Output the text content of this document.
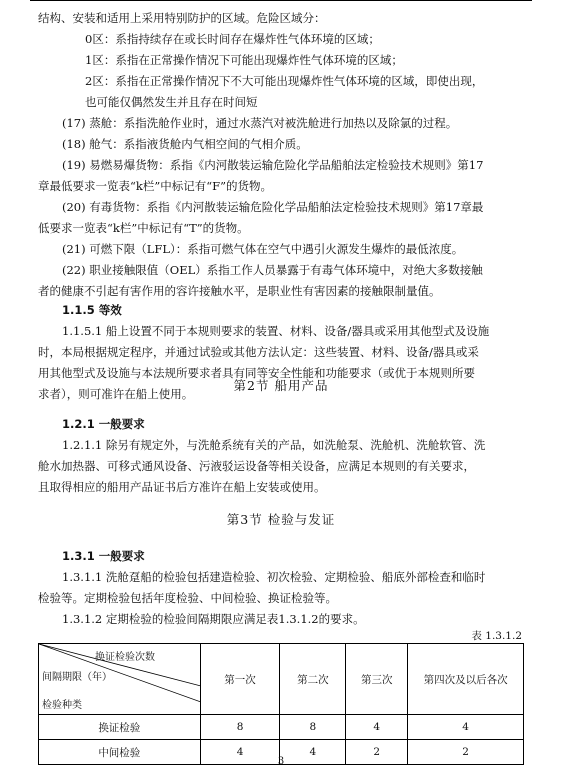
结构、安装和适用上采用特别防护的区域。危险区域分：
0区：系指持续存在或长时间存在爆炸性气体环境的区域；
1区：系指在正常操作情况下可能出现爆炸性气体环境的区域；
2区：系指在正常操作情况下不大可能出现爆炸性气体环境的区域，即使出现，
也可能仅偶然发生并且存在时间短
(17) 蒸舱：系指洗舱作业时，通过水蒸汽对被洗舱进行加热以及除氯的过程。
(18) 舱气：系指液货舱内气相空间的气相介质。
(19) 易燃易爆货物：系指《内河散装运输危险化学品船舶法定检验技术规则》第17
章最低要求一览表“k栏”中标记有“F”的货物。
(20) 有毒货物：系指《内河散装运输危险化学品船舶法定检验技术规则》第17章最
低要求一览表“k栏”中标记有“T”的货物。
(21) 可燃下限（LFL）：系指可燃气体在空气中遇引火源发生爆炸的最低浓度。
(22) 职业接触限值（OEL）系指工作人员暴露于有毒气体环境中，对绝大多数接触
者的健康不引起有害作用的容许接触水平，是职业性有害因素的接触限制量值。
1.1.5 等效
1.1.5.1 船上设置不同于本规则要求的装置、材料、设备/器具或采用其他型式及设施
时，本局根据规定程序，并通过试验或其他方法认定：这些装置、材料、设备/器具或采
用其他型式及设施与本法规所要求者具有同等安全性能和功能要求（或优于本规则所要
求者），则可准许在船上使用。
第2节 船用产品
1.2.1 一般要求
1.2.1.1 除另有规定外，与洗舱系统有关的产品，如洗舱泵、洗舱机、洗舱软管、洗
舱水加热器、可移式通风设备、污液驳运设备等相关设备，应满足本规则的有关要求，
且取得相应的船用产品证书后方准许在船上安装或使用。
第3节 检验与发证
1.3.1 一般要求
1.3.1.1 洗舱趸船的检验包括建造检验、初次检验、定期检验、船底外部检查和临时
检验等。定期检验包括年度检验、中间检验、换证检验等。
1.3.1.2 定期检验的检验间隔期限应满足表1.3.1.2的要求。
表 1.3.1.2
换证检验次数
间隔期限（年）
检验种类	第一次	第二次	第三次	第四次及以后各次
换证检验	8	8	4	4
中间检验	4	4	2	2
3
